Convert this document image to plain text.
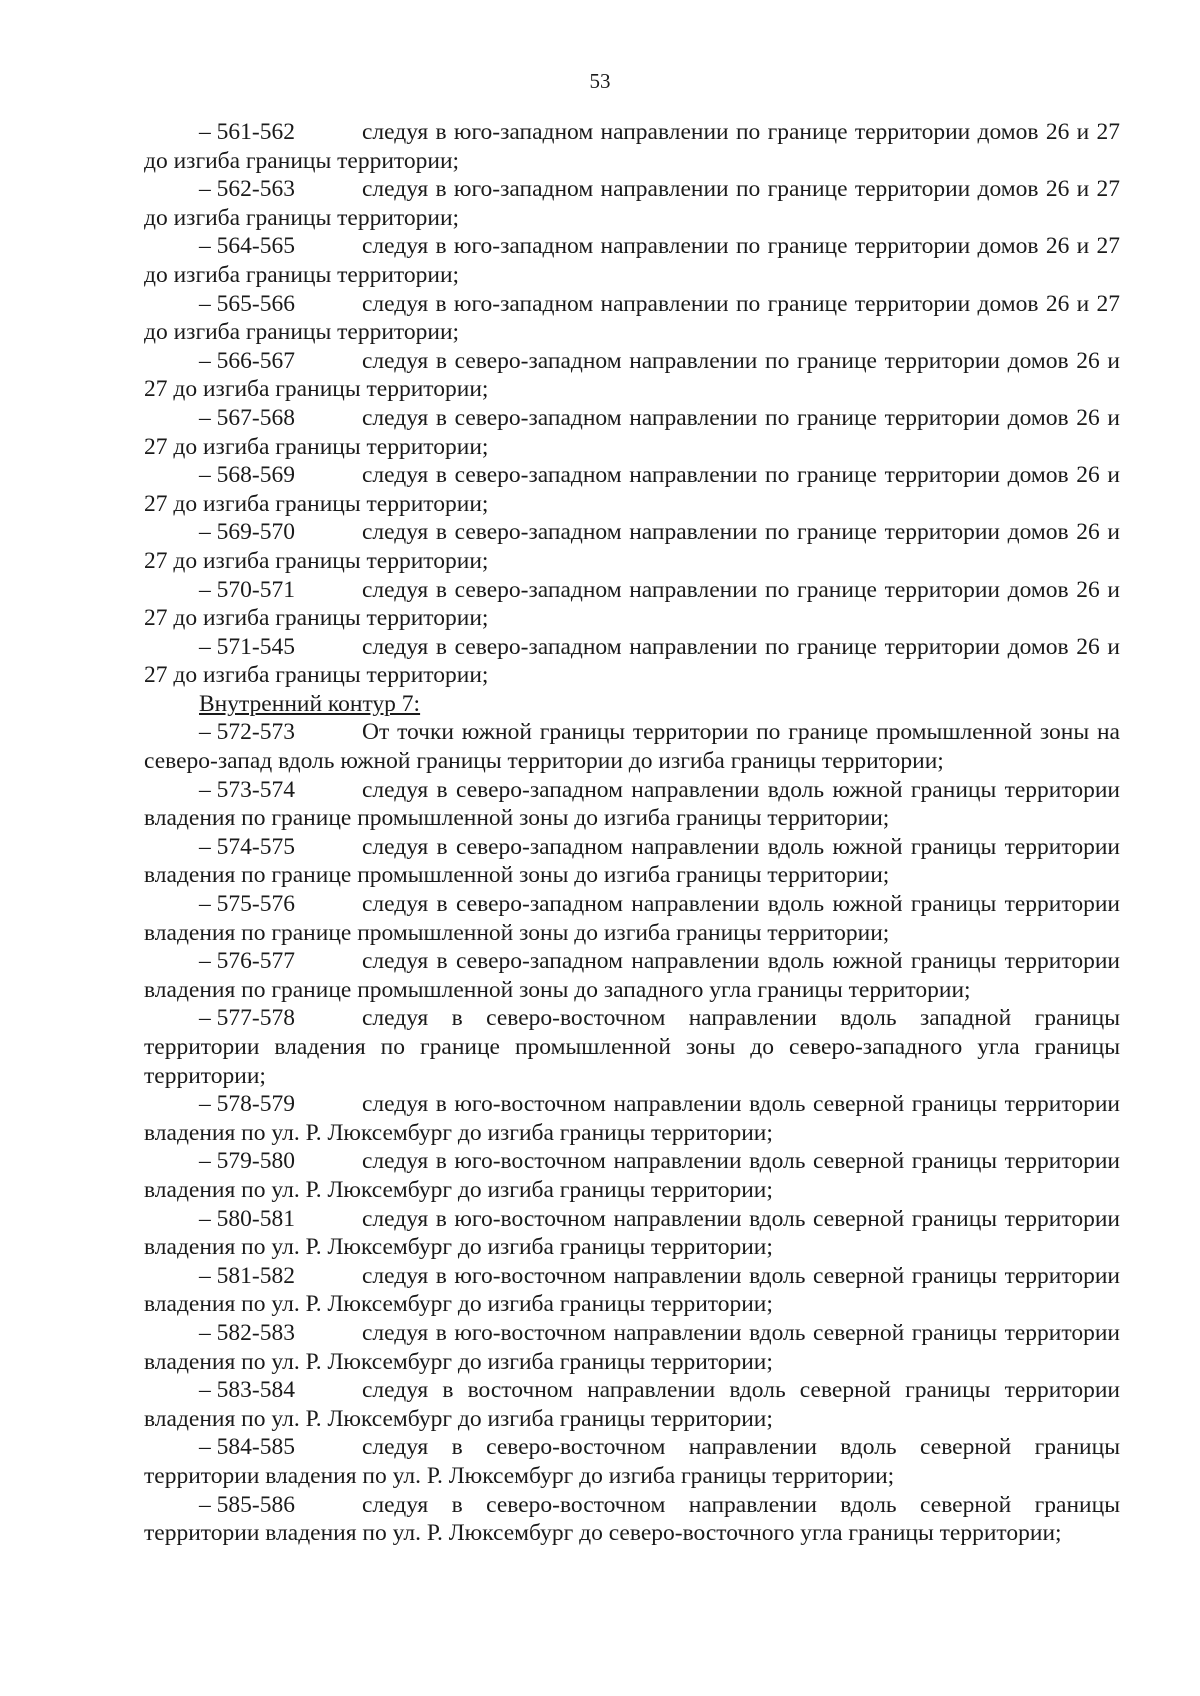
53

– 561-562	следуя в юго-западном направлении по границе территории домов 26 и 27 до изгиба границы территории;

– 562-563	следуя в юго-западном направлении по границе территории домов 26 и 27 до изгиба границы территории;

– 564-565	следуя в юго-западном направлении по границе территории домов 26 и 27 до изгиба границы территории;

– 565-566	следуя в юго-западном направлении по границе территории домов 26 и 27 до изгиба границы территории;

– 566-567	следуя в северо-западном направлении по границе территории домов 26 и 27 до изгиба границы территории;

– 567-568	следуя в северо-западном направлении по границе территории домов 26 и 27 до изгиба границы территории;

– 568-569	следуя в северо-западном направлении по границе территории домов 26 и 27 до изгиба границы территории;

– 569-570	следуя в северо-западном направлении по границе территории домов 26 и 27 до изгиба границы территории;

– 570-571	следуя в северо-западном направлении по границе территории домов 26 и 27 до изгиба границы территории;

– 571-545	следуя в северо-западном направлении по границе территории домов 26 и 27 до изгиба границы территории;

Внутренний контур 7:

– 572-573	От точки южной границы территории по границе промышленной зоны на северо-запад вдоль южной границы территории до изгиба границы территории;

– 573-574	следуя в северо-западном направлении вдоль южной границы территории владения по границе промышленной зоны до изгиба границы территории;

– 574-575	следуя в северо-западном направлении вдоль южной границы территории владения по границе промышленной зоны до изгиба границы территории;

– 575-576	следуя в северо-западном направлении вдоль южной границы территории владения по границе промышленной зоны до изгиба границы территории;

– 576-577	следуя в северо-западном направлении вдоль южной границы территории владения по границе промышленной зоны до западного угла границы территории;

– 577-578	следуя в северо-восточном направлении вдоль западной границы территории владения по границе промышленной зоны до северо-западного угла границы территории;

– 578-579	следуя в юго-восточном направлении вдоль северной границы территории владения по ул. Р. Люксембург до изгиба границы территории;

– 579-580	следуя в юго-восточном направлении вдоль северной границы территории владения по ул. Р. Люксембург до изгиба границы территории;

– 580-581	следуя в юго-восточном направлении вдоль северной границы территории владения по ул. Р. Люксембург до изгиба границы территории;

– 581-582	следуя в юго-восточном направлении вдоль северной границы территории владения по ул. Р. Люксембург до изгиба границы территории;

– 582-583	следуя в юго-восточном направлении вдоль северной границы территории владения по ул. Р. Люксембург до изгиба границы территории;

– 583-584	следуя в восточном направлении вдоль северной границы территории владения по ул. Р. Люксембург до изгиба границы территории;

– 584-585	следуя в северо-восточном направлении вдоль северной границы территории владения по ул. Р. Люксембург до изгиба границы территории;

– 585-586	следуя в северо-восточном направлении вдоль северной границы территории владения по ул. Р. Люксембург до северо-восточного угла границы территории;
